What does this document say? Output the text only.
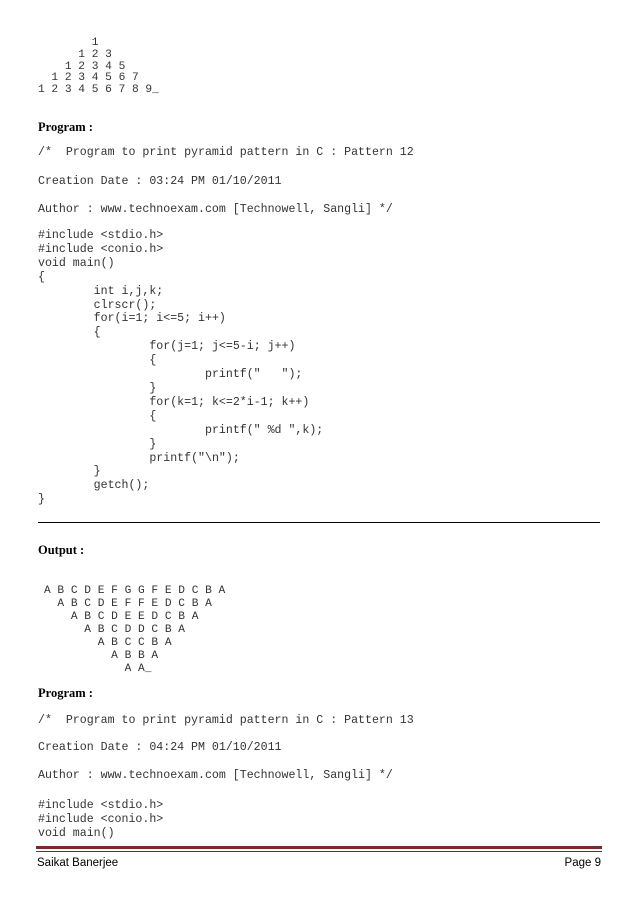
1
1 2 3
1 2 3 4 5
1 2 3 4 5 6 7
1 2 3 4 5 6 7 8 9_
Program :
/*  Program to print pyramid pattern in C : Pattern 12
Creation Date : 03:24 PM 01/10/2011
Author : www.technoexam.com [Technowell, Sangli] */
#include <stdio.h>
#include <conio.h>
void main()
{
	int i,j,k;
	clrscr();
	for(i=1; i<=5; i++)
	{
		for(j=1; j<=5-i; j++)
		{
			printf("   ");
		}
		for(k=1; k<=2*i-1; k++)
		{
			printf(" %d ",k);
		}
		printf("\n");
	}
	getch();
}
Output :
A B C D E F G G F E D C B A
A B C D E F F E D C B A
A B C D E E D C B A
A B C D D C B A
A B C C B A
A B B A
A A_
Program :
/*  Program to print pyramid pattern in C : Pattern 13
Creation Date : 04:24 PM 01/10/2011
Author : www.technoexam.com [Technowell, Sangli] */
#include <stdio.h>
#include <conio.h>
void main()
Saikat Banerjee	Page 9
